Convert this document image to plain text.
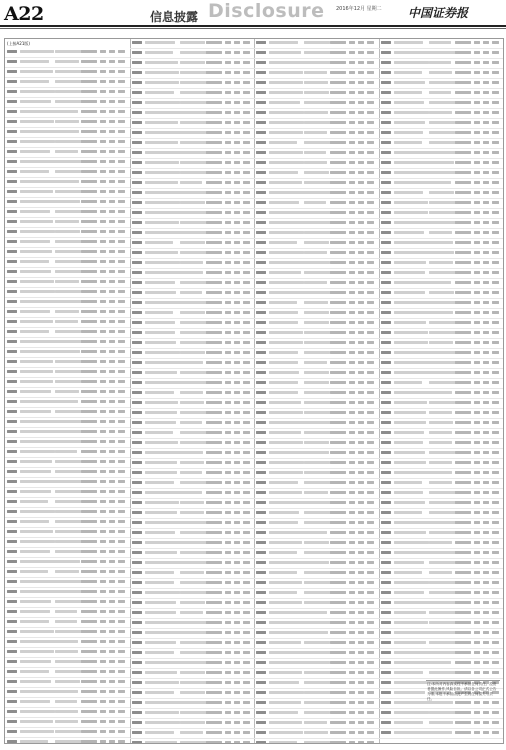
A22	信息披露 Disclosure 2016年12月 星期二 中国证券报
(上接A21版)
注:本所对内容真实性不承担任何责任。投资者据此操作,风险自担。请以各公司正式公告为准,本报不承担由此产生的任何损失与责任。
